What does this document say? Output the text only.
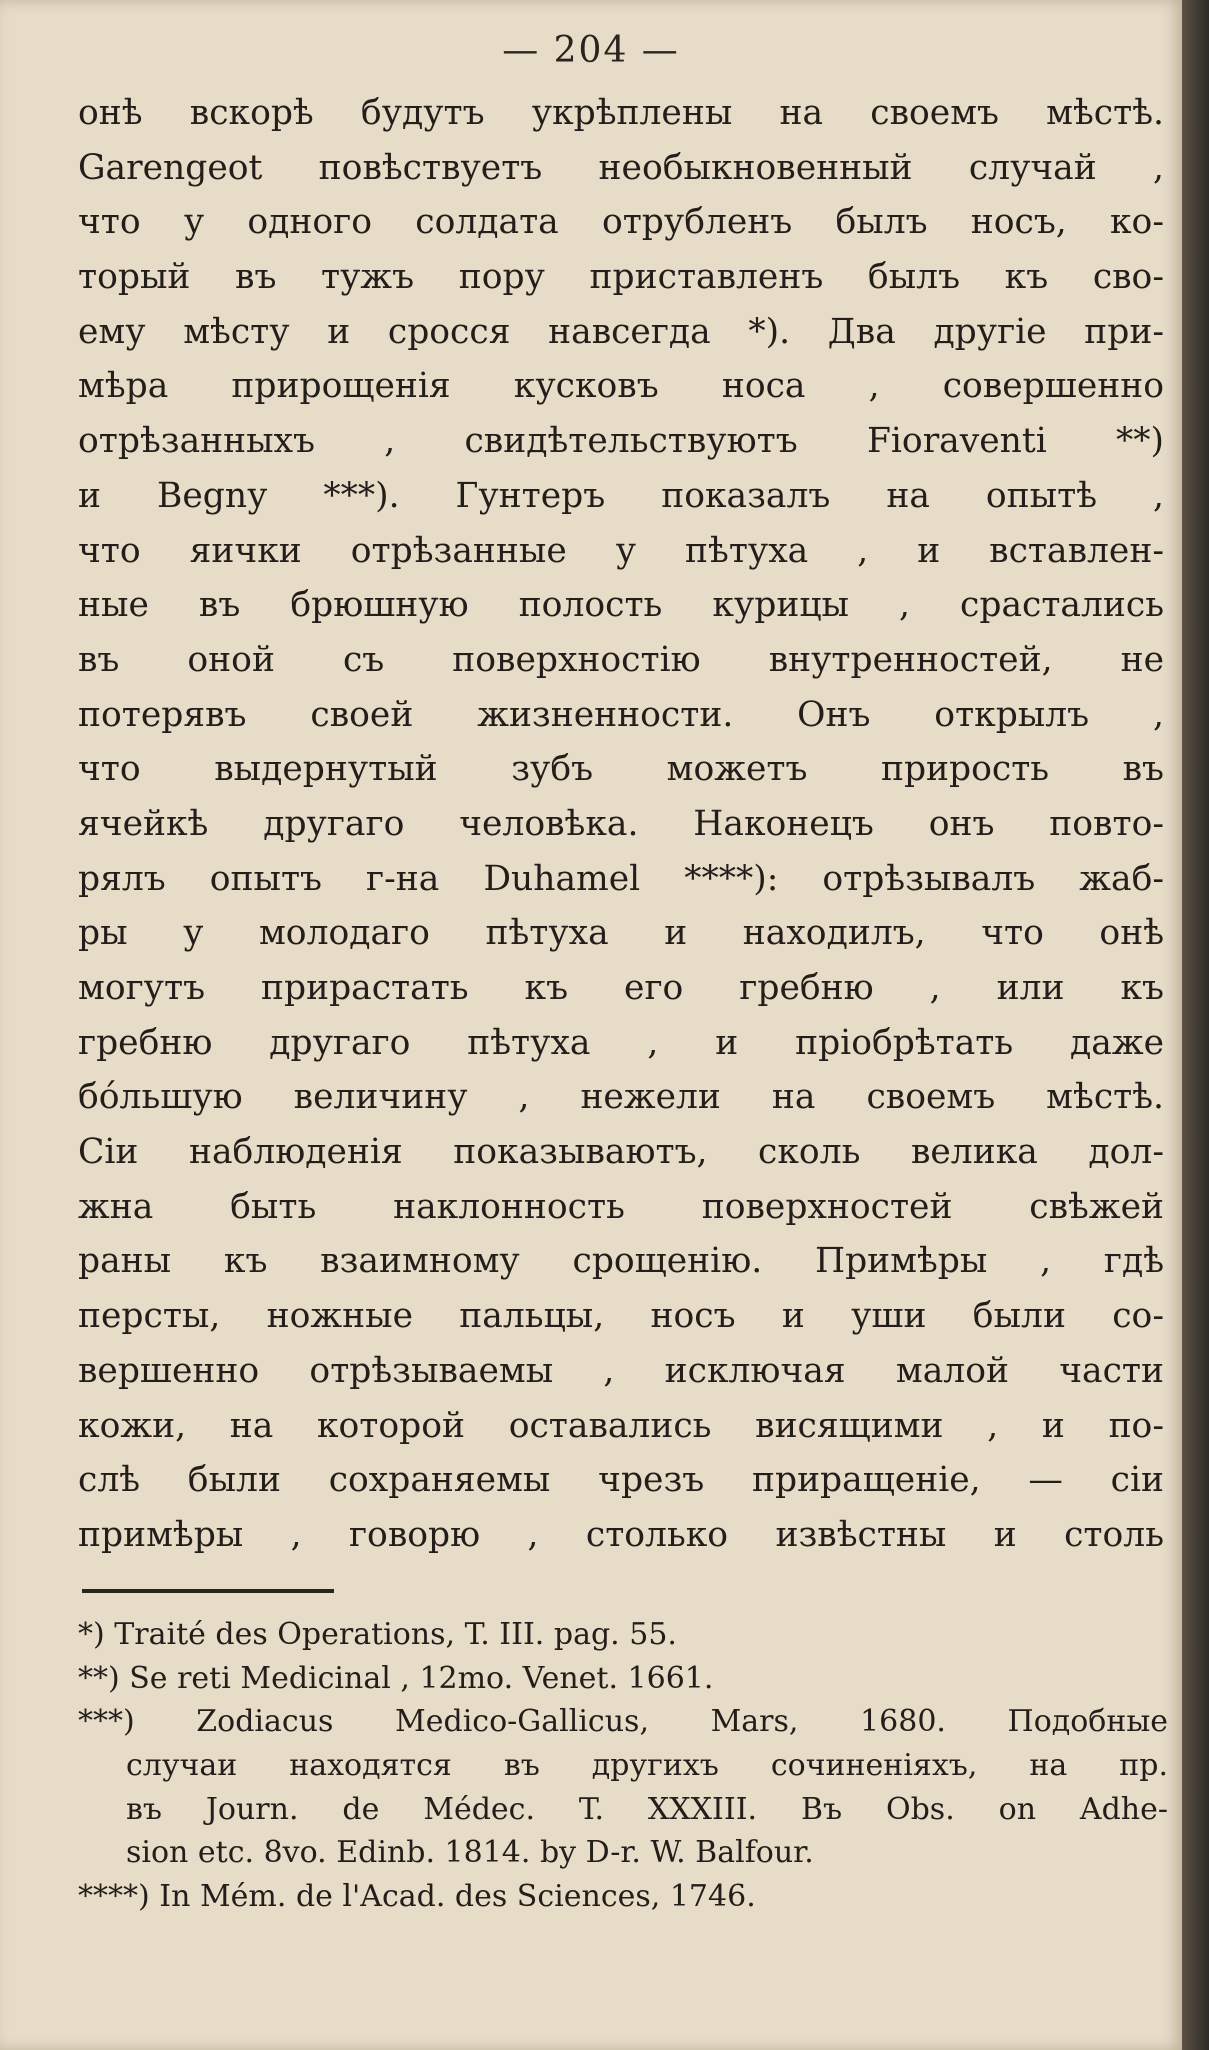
— 204 —
онѣ вскорѣ будутъ укрѣплены на своемъ мѣстѣ.
Garengeot повѣствуетъ необыкновенный случай ,
что у одного солдата отрубленъ былъ носъ, ко-
торый въ тужъ пору приставленъ былъ къ сво-
ему мѣсту и сросся навсегда *). Два другіе при-
мѣра прирощенія кусковъ носа , совершенно
отрѣзанныхъ , свидѣтельствуютъ Fioraventi **)
и Begnу ***). Гунтеръ показалъ на опытѣ ,
что яички отрѣзанные у пѣтуха , и вставлен-
ные въ брюшную полость курицы , срастались
въ оной съ поверхностію внутренностей, не
потерявъ своей жизненности. Онъ открылъ ,
что выдернутый зубъ можетъ прирость въ
ячейкѣ другаго человѣка. Наконецъ онъ повто-
рялъ опытъ г-на Duhamel ****): отрѣзывалъ жаб-
ры у молодаго пѣтуха и находилъ, что онѣ
могутъ прирастать къ его гребню , или къ
гребню другаго пѣтуха , и пріобрѣтать даже
бóльшую величину , нежели на своемъ мѣстѣ.
Сіи наблюденія показываютъ, сколь велика дол-
жна быть наклонность поверхностей свѣжей
раны къ взаимному срощенію. Примѣры , гдѣ
персты, ножные пальцы, носъ и уши были со-
вершенно отрѣзываемы , исключая малой части
кожи, на которой оставались висящими , и по-
слѣ были сохраняемы чрезъ приращеніе, — сіи
примѣры , говорю , столько извѣстны и столь
*) Traité des Operations, T. III. pag. 55.
**) Se reti Medicinal , 12mo. Venet. 1661.
***) Zodiacus Medico-Gallicus, Mars, 1680. Подобные
случаи находятся въ другихъ сочиненіяхъ, на пр.
въ Journ. de Médec. T. XXXIII. Въ Obs. on Adhe-
sion etc. 8vo. Edinb. 1814. by D-r. W. Balfour.
****) In Mém. de l'Acad. des Sciences, 1746.
